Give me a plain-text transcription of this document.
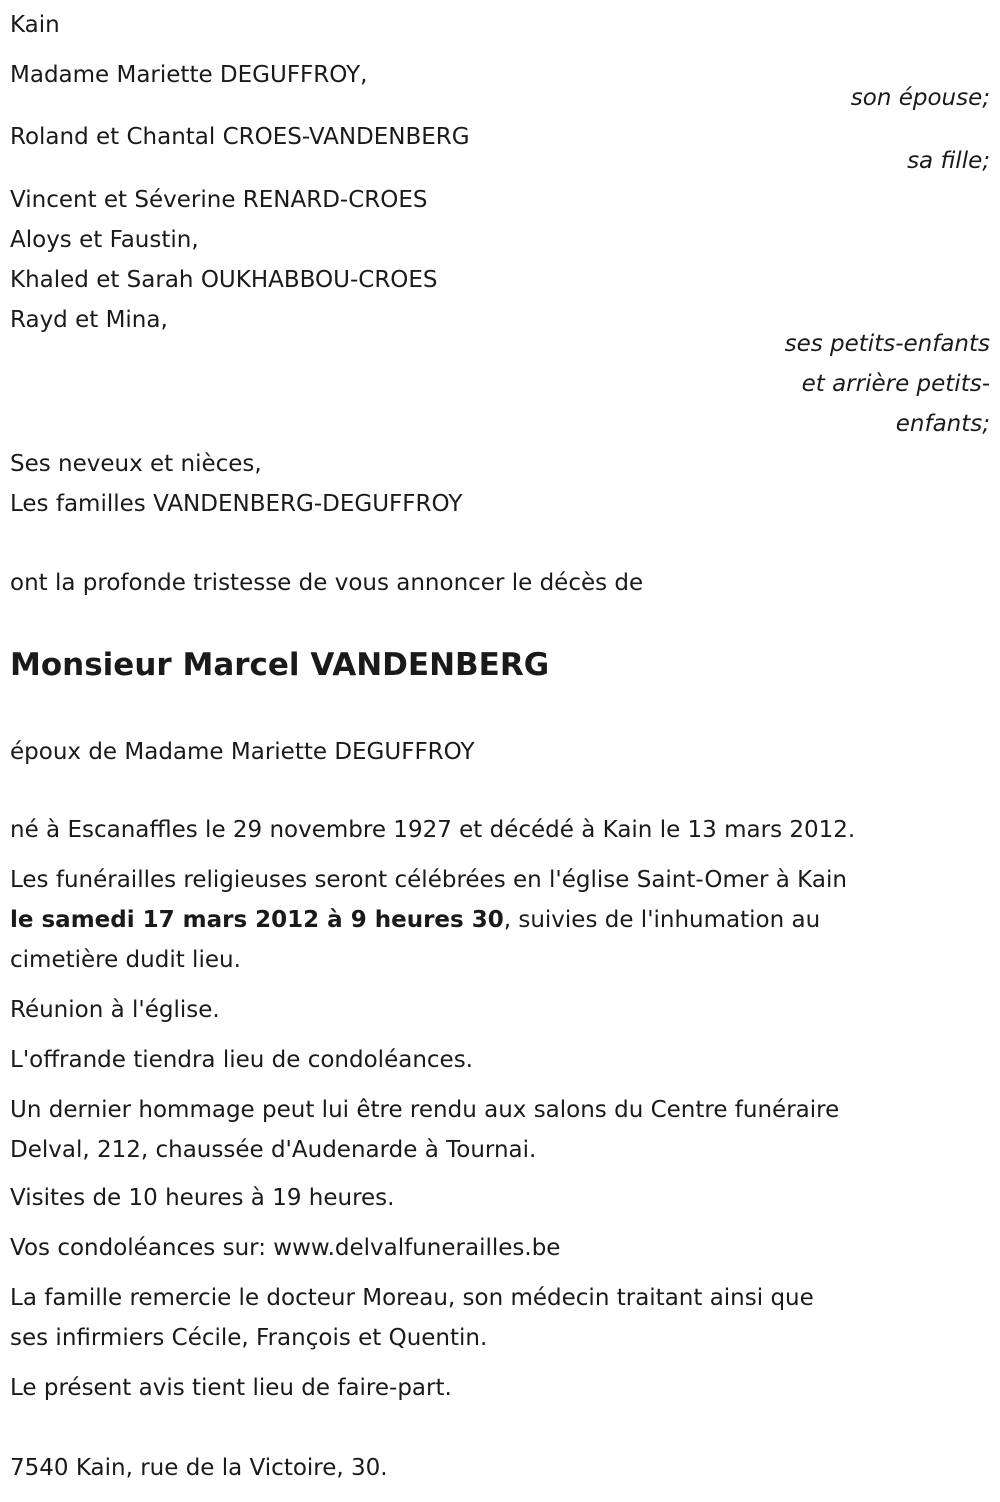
Kain
Madame Mariette DEGUFFROY,
son épouse;
Roland et Chantal CROES-VANDENBERG
sa fille;
Vincent et Séverine RENARD-CROES
Aloys et Faustin,
Khaled et Sarah OUKHABBOU-CROES
Rayd et Mina,
ses petits-enfants
et arrière petits-
enfants;
Ses neveux et nièces,
Les familles VANDENBERG-DEGUFFROY
ont la profonde tristesse de vous annoncer le décès de
Monsieur Marcel VANDENBERG
époux de Madame Mariette DEGUFFROY
né à Escanaffles le 29 novembre 1927 et décédé à Kain le 13 mars 2012.
Les funérailles religieuses seront célébrées en l'église Saint-Omer à Kain
le samedi 17 mars 2012 à 9 heures 30, suivies de l'inhumation au
cimetière dudit lieu.
Réunion à l'église.
L'offrande tiendra lieu de condoléances.
Un dernier hommage peut lui être rendu aux salons du Centre funéraire
Delval, 212, chaussée d'Audenarde à Tournai.
Visites de 10 heures à 19 heures.
Vos condoléances sur: www.delvalfunerailles.be
La famille remercie le docteur Moreau, son médecin traitant ainsi que
ses infirmiers Cécile, François et Quentin.
Le présent avis tient lieu de faire-part.
7540 Kain, rue de la Victoire, 30.
